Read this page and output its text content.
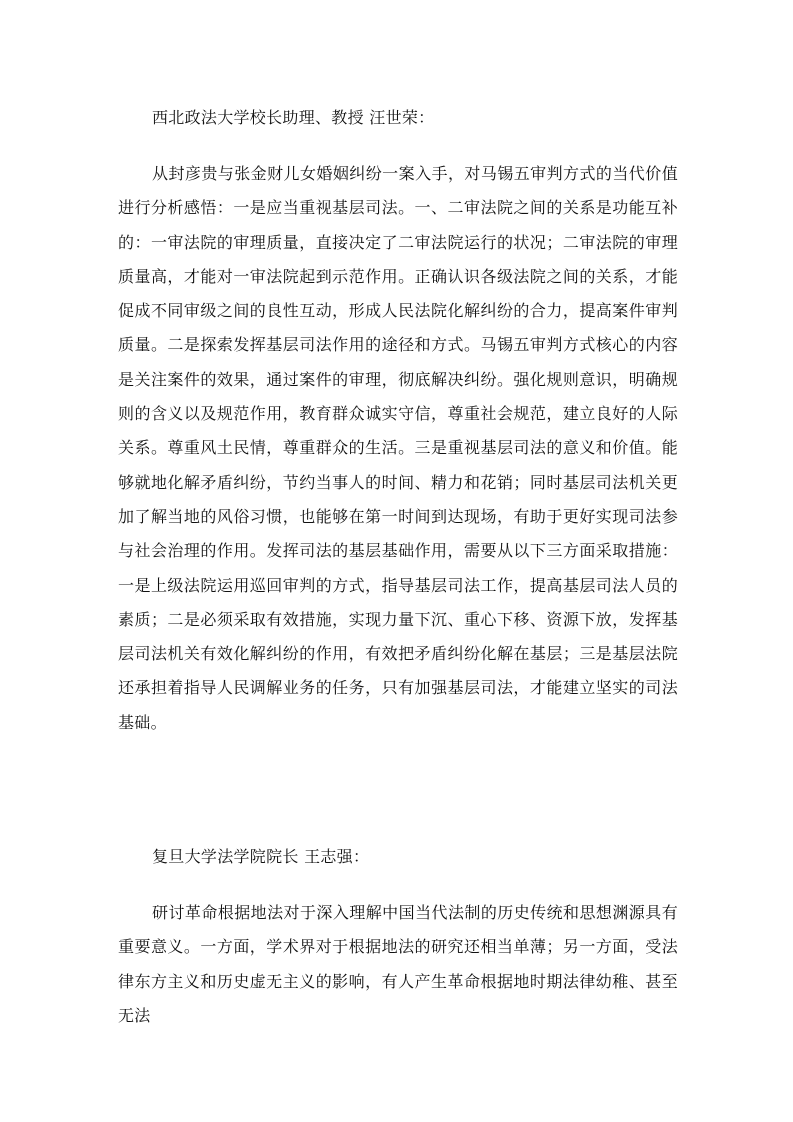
西北政法大学校长助理、教授 汪世荣：
从封彦贵与张金财儿女婚姻纠纷一案入手，对马锡五审判方式的当代价值进行分析感悟：一是应当重视基层司法。一、二审法院之间的关系是功能互补的：一审法院的审理质量，直接决定了二审法院运行的状况；二审法院的审理质量高，才能对一审法院起到示范作用。正确认识各级法院之间的关系，才能促成不同审级之间的良性互动，形成人民法院化解纠纷的合力，提高案件审判质量。二是探索发挥基层司法作用的途径和方式。马锡五审判方式核心的内容是关注案件的效果，通过案件的审理，彻底解决纠纷。强化规则意识，明确规则的含义以及规范作用，教育群众诚实守信，尊重社会规范，建立良好的人际关系。尊重风土民情，尊重群众的生活。三是重视基层司法的意义和价值。能够就地化解矛盾纠纷，节约当事人的时间、精力和花销；同时基层司法机关更加了解当地的风俗习惯，也能够在第一时间到达现场，有助于更好实现司法参与社会治理的作用。发挥司法的基层基础作用，需要从以下三方面采取措施：一是上级法院运用巡回审判的方式，指导基层司法工作，提高基层司法人员的素质；二是必须采取有效措施，实现力量下沉、重心下移、资源下放，发挥基层司法机关有效化解纠纷的作用，有效把矛盾纠纷化解在基层；三是基层法院还承担着指导人民调解业务的任务，只有加强基层司法，才能建立坚实的司法基础。
复旦大学法学院院长 王志强：
研讨革命根据地法对于深入理解中国当代法制的历史传统和思想渊源具有重要意义。一方面，学术界对于根据地法的研究还相当单薄；另一方面，受法律东方主义和历史虚无主义的影响，有人产生革命根据地时期法律幼稚、甚至无法
